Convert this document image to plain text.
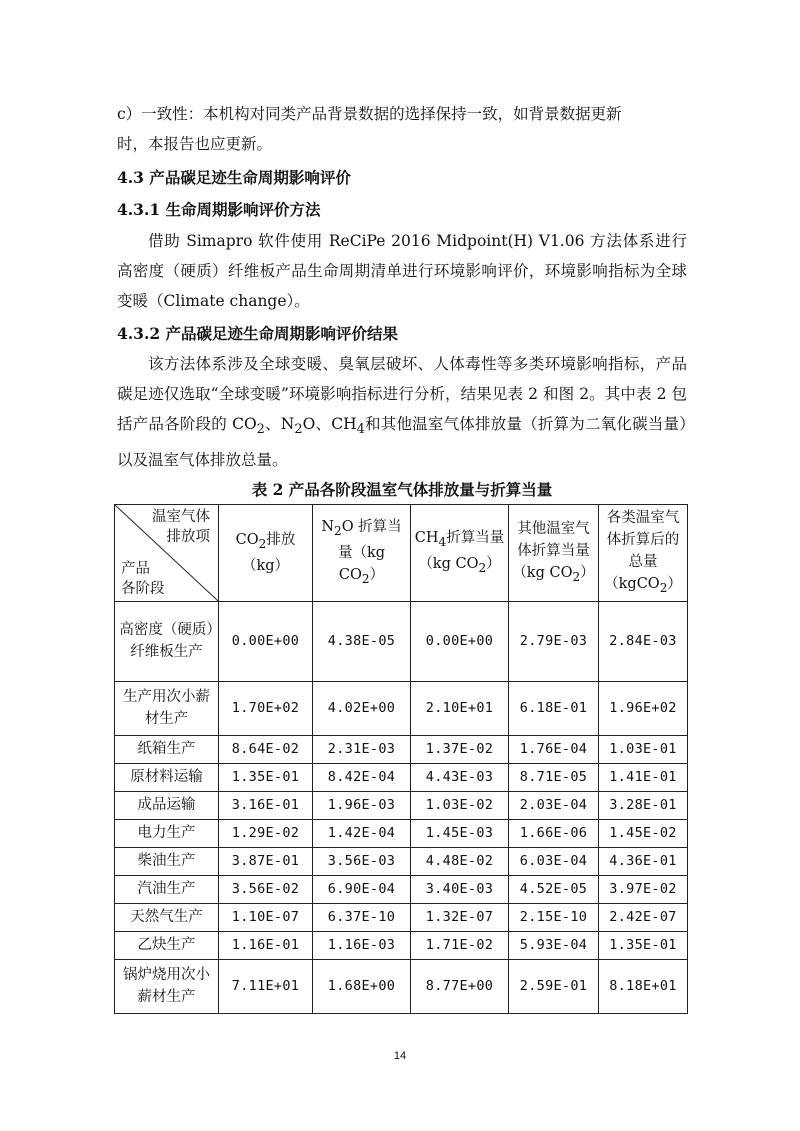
c）一致性：本机构对同类产品背景数据的选择保持一致，如背景数据更新
时，本报告也应更新。

4.3 产品碳足迹生命周期影响评价
4.3.1 生命周期影响评价方法

借助 Simapro 软件使用 ReCiPe 2016 Midpoint(H) V1.06 方法体系进行高密度（硬质）纤维板产品生命周期清单进行环境影响评价，环境影响指标为全球变暖（Climate change）。

4.3.2 产品碳足迹生命周期影响评价结果

该方法体系涉及全球变暖、臭氧层破坏、人体毒性等多类环境影响指标，产品碳足迹仅选取“全球变暖”环境影响指标进行分析，结果见表 2 和图 2。其中表 2 包括产品各阶段的 $CO_2$、$N_2O$、$CH_4$和其他温室气体排放量（折算为二氧化碳当量）以及温室气体排放总量。

表 2 产品各阶段温室气体排放量与折算当量
温室气体
排放项
产品
各阶段	$CO_2$排放（kg）	$N_2O$ 折算当量（kg $CO_2$）	$CH_4$折算当量（kg $CO_2$）	其他温室气体折算当量（kg $CO_2$）	各类温室气体折算后的总量（kgCO$_2$）
高密度（硬质）纤维板生产	0.00E+00	4.38E-05	0.00E+00	2.79E-03	2.84E-03
生产用次小薪材生产	1.70E+02	4.02E+00	2.10E+01	6.18E-01	1.96E+02
纸箱生产	8.64E-02	2.31E-03	1.37E-02	1.76E-04	1.03E-01
原材料运输	1.35E-01	8.42E-04	4.43E-03	8.71E-05	1.41E-01
成品运输	3.16E-01	1.96E-03	1.03E-02	2.03E-04	3.28E-01
电力生产	1.29E-02	1.42E-04	1.45E-03	1.66E-06	1.45E-02
柴油生产	3.87E-01	3.56E-03	4.48E-02	6.03E-04	4.36E-01
汽油生产	3.56E-02	6.90E-04	3.40E-03	4.52E-05	3.97E-02
天然气生产	1.10E-07	6.37E-10	1.32E-07	2.15E-10	2.42E-07
乙炔生产	1.16E-01	1.16E-03	1.71E-02	5.93E-04	1.35E-01
锅炉烧用次小薪材生产	7.11E+01	1.68E+00	8.77E+00	2.59E-01	8.18E+01
14
